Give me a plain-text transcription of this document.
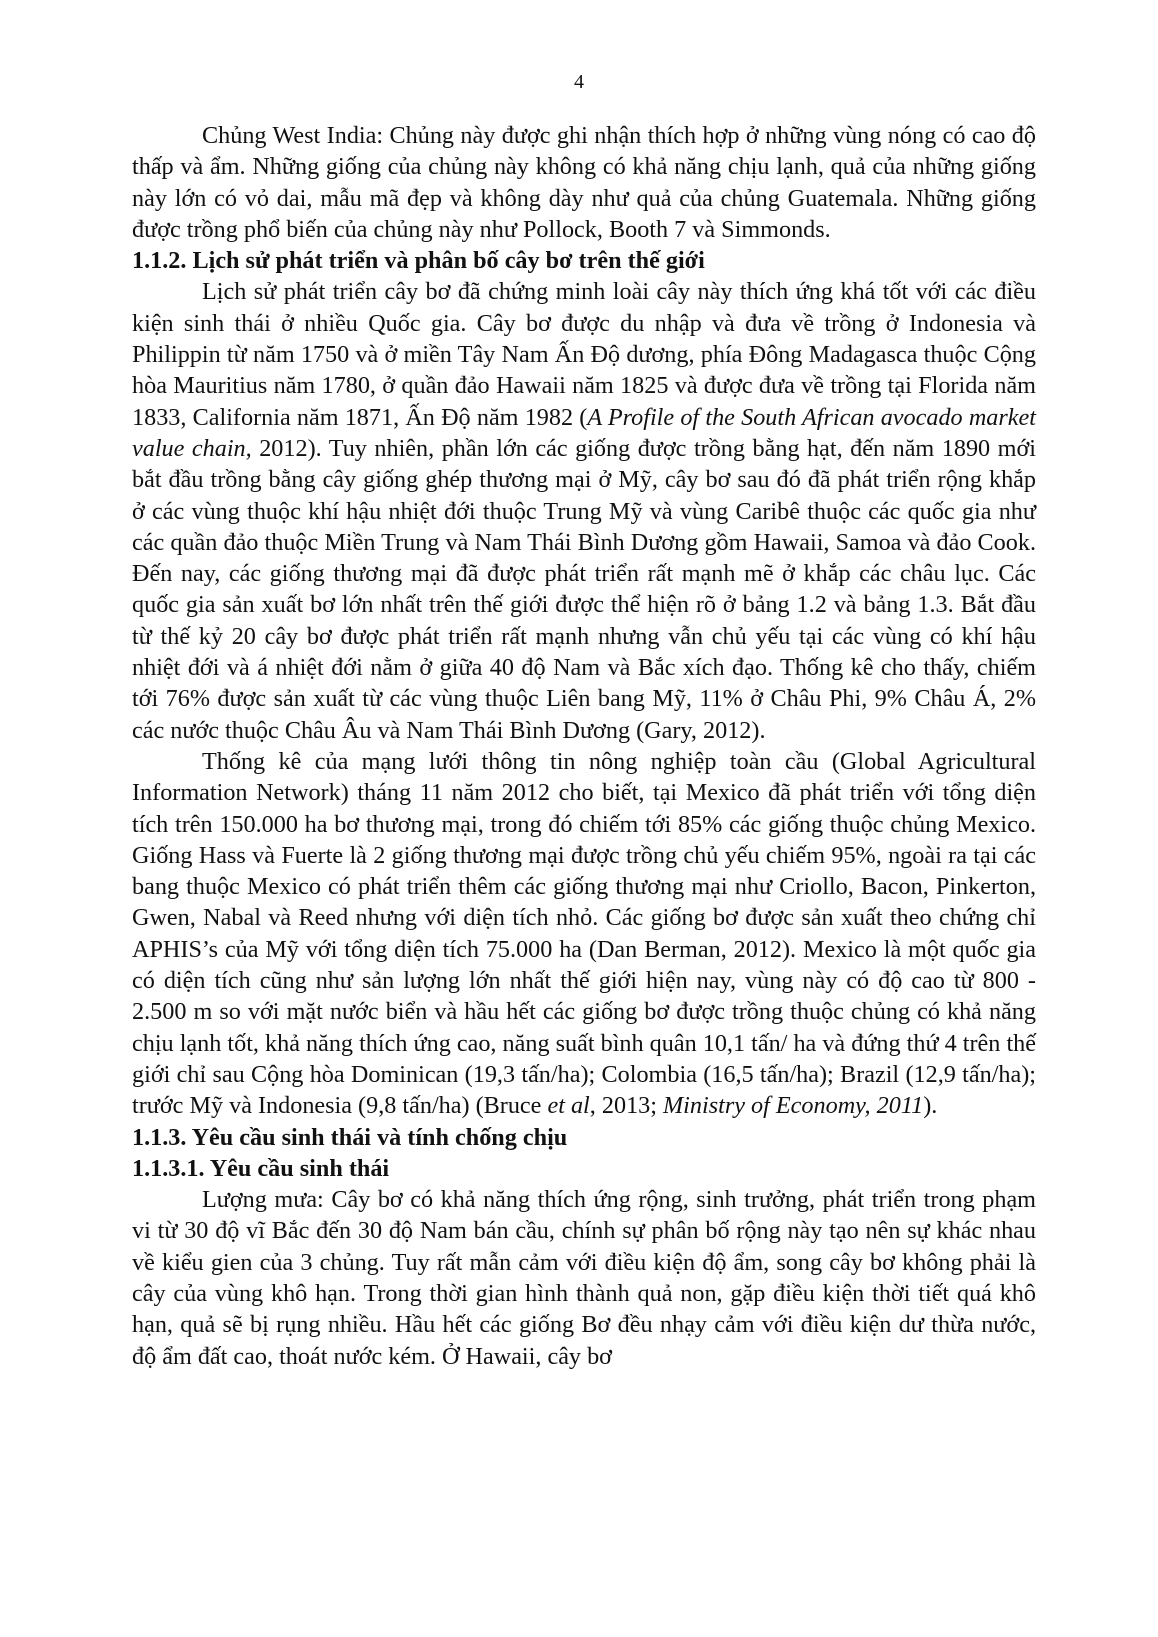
4

Chủng West India: Chủng này được ghi nhận thích hợp ở những vùng nóng có cao độ thấp và ẩm. Những giống của chủng này không có khả năng chịu lạnh, quả của những giống này lớn có vỏ dai, mẫu mã đẹp và không dày như quả của chủng Guatemala. Những giống được trồng phổ biến của chủng này như Pollock, Booth 7 và Simmonds.

1.1.2. Lịch sử phát triển và phân bố cây bơ trên thế giới

Lịch sử phát triển cây bơ đã chứng minh loài cây này thích ứng khá tốt với các điều kiện sinh thái ở nhiều Quốc gia. Cây bơ được du nhập và đưa về trồng ở Indonesia và Philippin từ năm 1750 và ở miền Tây Nam Ấn Độ dương, phía Đông Madagasca thuộc Cộng hòa Mauritius năm 1780, ở quần đảo Hawaii năm 1825 và được đưa về trồng tại Florida năm 1833, California năm 1871, Ấn Độ năm 1982 (A Profile of the South African avocado market value chain, 2012). Tuy nhiên, phần lớn các giống được trồng bằng hạt, đến năm 1890 mới bắt đầu trồng bằng cây giống ghép thương mại ở Mỹ, cây bơ sau đó đã phát triển rộng khắp ở các vùng thuộc khí hậu nhiệt đới thuộc Trung Mỹ và vùng Caribê thuộc các quốc gia như các quần đảo thuộc Miền Trung và Nam Thái Bình Dương gồm Hawaii, Samoa và đảo Cook. Đến nay, các giống thương mại đã được phát triển rất mạnh mẽ ở khắp các châu lục. Các quốc gia sản xuất bơ lớn nhất trên thế giới được thể hiện rõ ở bảng 1.2 và bảng 1.3. Bắt đầu từ thế kỷ 20 cây bơ được phát triển rất mạnh nhưng vẫn chủ yếu tại các vùng có khí hậu nhiệt đới và á nhiệt đới nằm ở giữa 40 độ Nam và Bắc xích đạo. Thống kê cho thấy, chiếm tới 76% được sản xuất từ các vùng thuộc Liên bang Mỹ, 11% ở Châu Phi, 9% Châu Á, 2% các nước thuộc Châu Âu và Nam Thái Bình Dương (Gary, 2012).

Thống kê của mạng lưới thông tin nông nghiệp toàn cầu (Global Agricultural Information Network) tháng 11 năm 2012 cho biết, tại Mexico đã phát triển với tổng diện tích trên 150.000 ha bơ thương mại, trong đó chiếm tới 85% các giống thuộc chủng Mexico. Giống Hass và Fuerte là 2 giống thương mại được trồng chủ yếu chiếm 95%, ngoài ra tại các bang thuộc Mexico có phát triển thêm các giống thương mại như Criollo, Bacon, Pinkerton, Gwen, Nabal và Reed nhưng với diện tích nhỏ. Các giống bơ được sản xuất theo chứng chỉ APHIS’s của Mỹ với tổng diện tích 75.000 ha (Dan Berman, 2012). Mexico là một quốc gia có diện tích cũng như sản lượng lớn nhất thế giới hiện nay, vùng này có độ cao từ 800 - 2.500 m so với mặt nước biển và hầu hết các giống bơ được trồng thuộc chủng có khả năng chịu lạnh tốt, khả năng thích ứng cao, năng suất bình quân 10,1 tấn/ ha và đứng thứ 4 trên thế giới chỉ sau Cộng hòa Dominican (19,3 tấn/ha); Colombia (16,5 tấn/ha); Brazil (12,9 tấn/ha); trước Mỹ và Indonesia (9,8 tấn/ha) (Bruce et al, 2013; Ministry of Economy, 2011).

1.1.3. Yêu cầu sinh thái và tính chống chịu

1.1.3.1. Yêu cầu sinh thái

Lượng mưa: Cây bơ có khả năng thích ứng rộng, sinh trưởng, phát triển trong phạm vi từ 30 độ vĩ Bắc đến 30 độ Nam bán cầu, chính sự phân bố rộng này tạo nên sự khác nhau về kiểu gien của 3 chủng. Tuy rất mẫn cảm với điều kiện độ ẩm, song cây bơ không phải là cây của vùng khô hạn. Trong thời gian hình thành quả non, gặp điều kiện thời tiết quá khô hạn, quả sẽ bị rụng nhiều. Hầu hết các giống Bơ đều nhạy cảm với điều kiện dư thừa nước, độ ẩm đất cao, thoát nước kém. Ở Hawaii, cây bơ
